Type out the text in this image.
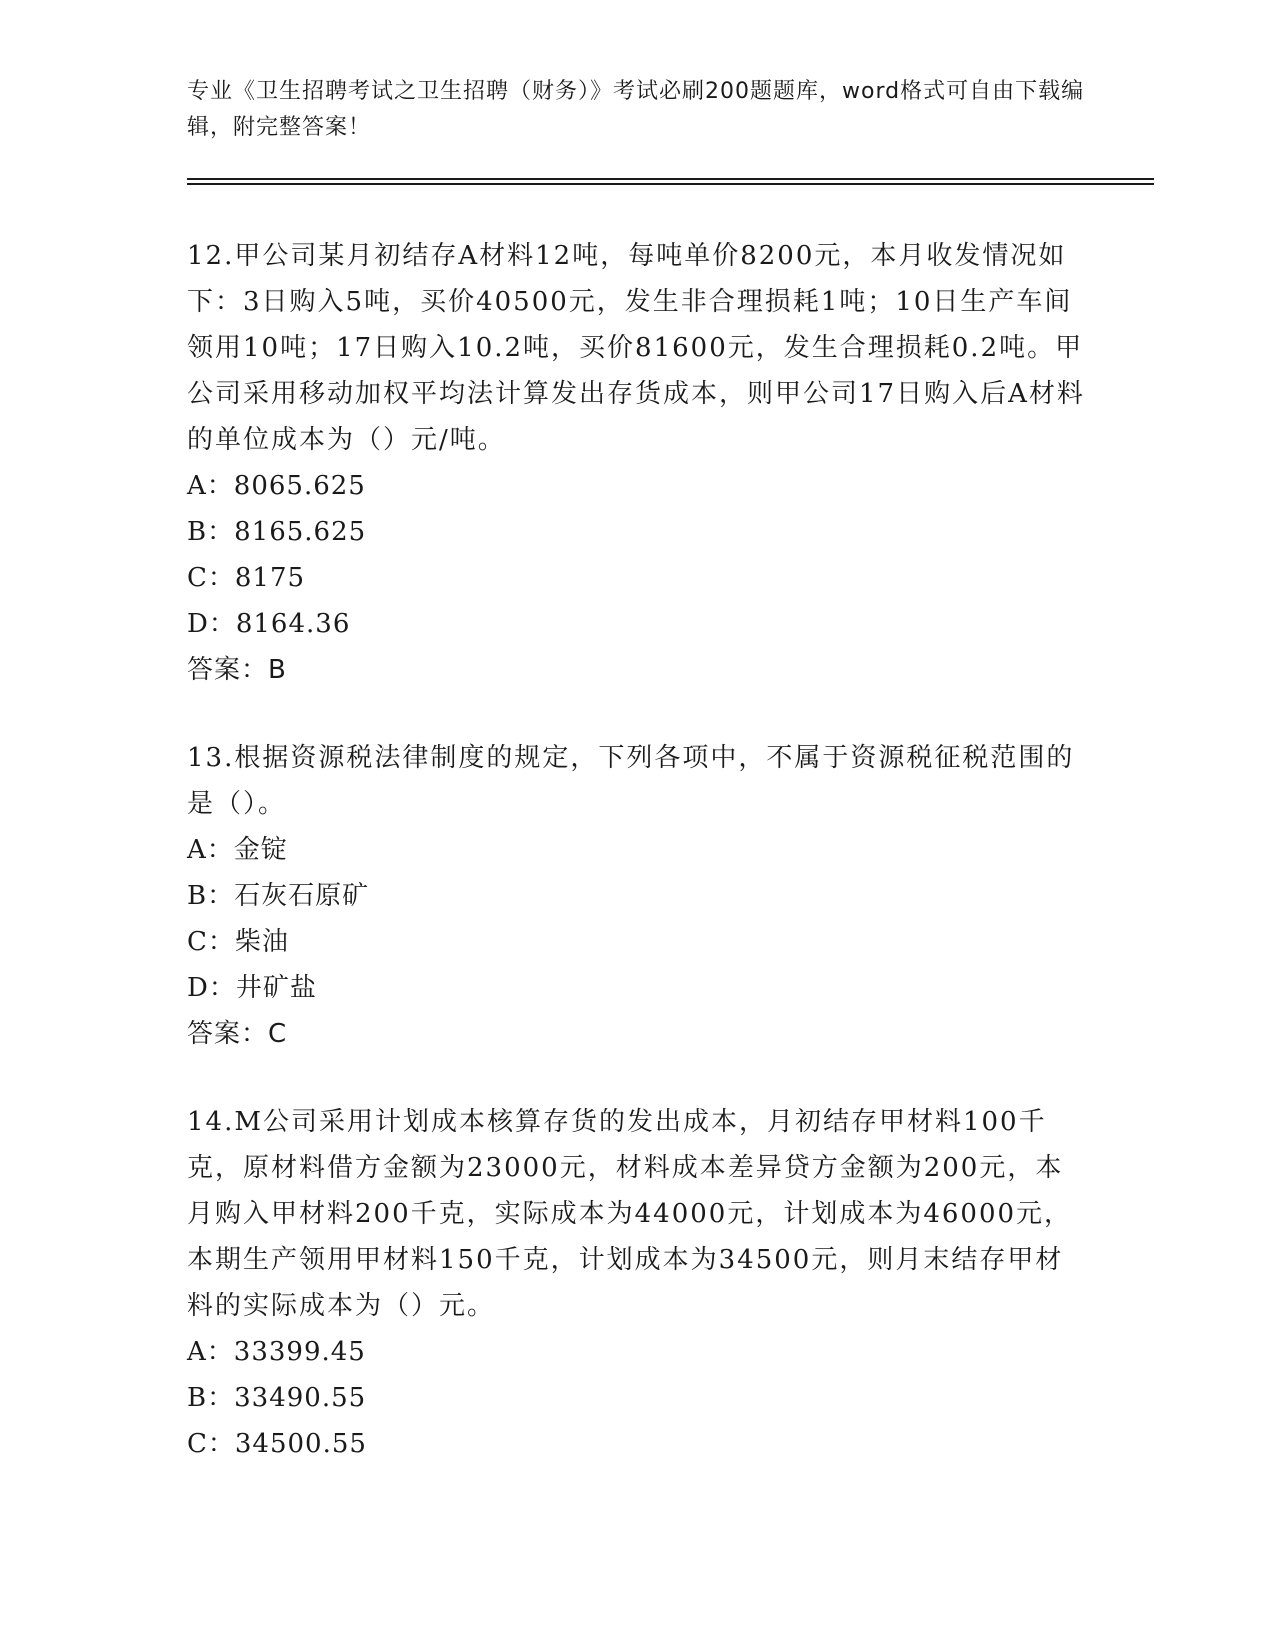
专业《卫生招聘考试之卫生招聘（财务）》考试必刷200题题库，word格式可自由下载编辑，附完整答案！
12.甲公司某月初结存A材料12吨，每吨单价8200元，本月收发情况如下：3日购入5吨，买价40500元，发生非合理损耗1吨；10日生产车间领用10吨；17日购入10.2吨，买价81600元，发生合理损耗0.2吨。甲公司采用移动加权平均法计算发出存货成本，则甲公司17日购入后A材料的单位成本为（）元/吨。
A：8065.625
B：8165.625
C：8175
D：8164.36
答案：B
13.根据资源税法律制度的规定，下列各项中，不属于资源税征税范围的是（）。
A：金锭
B：石灰石原矿
C：柴油
D：井矿盐
答案：C
14.M公司采用计划成本核算存货的发出成本，月初结存甲材料100千克，原材料借方金额为23000元，材料成本差异贷方金额为200元，本月购入甲材料200千克，实际成本为44000元，计划成本为46000元，本期生产领用甲材料150千克，计划成本为34500元，则月末结存甲材料的实际成本为（）元。
A：33399.45
B：33490.55
C：34500.55
